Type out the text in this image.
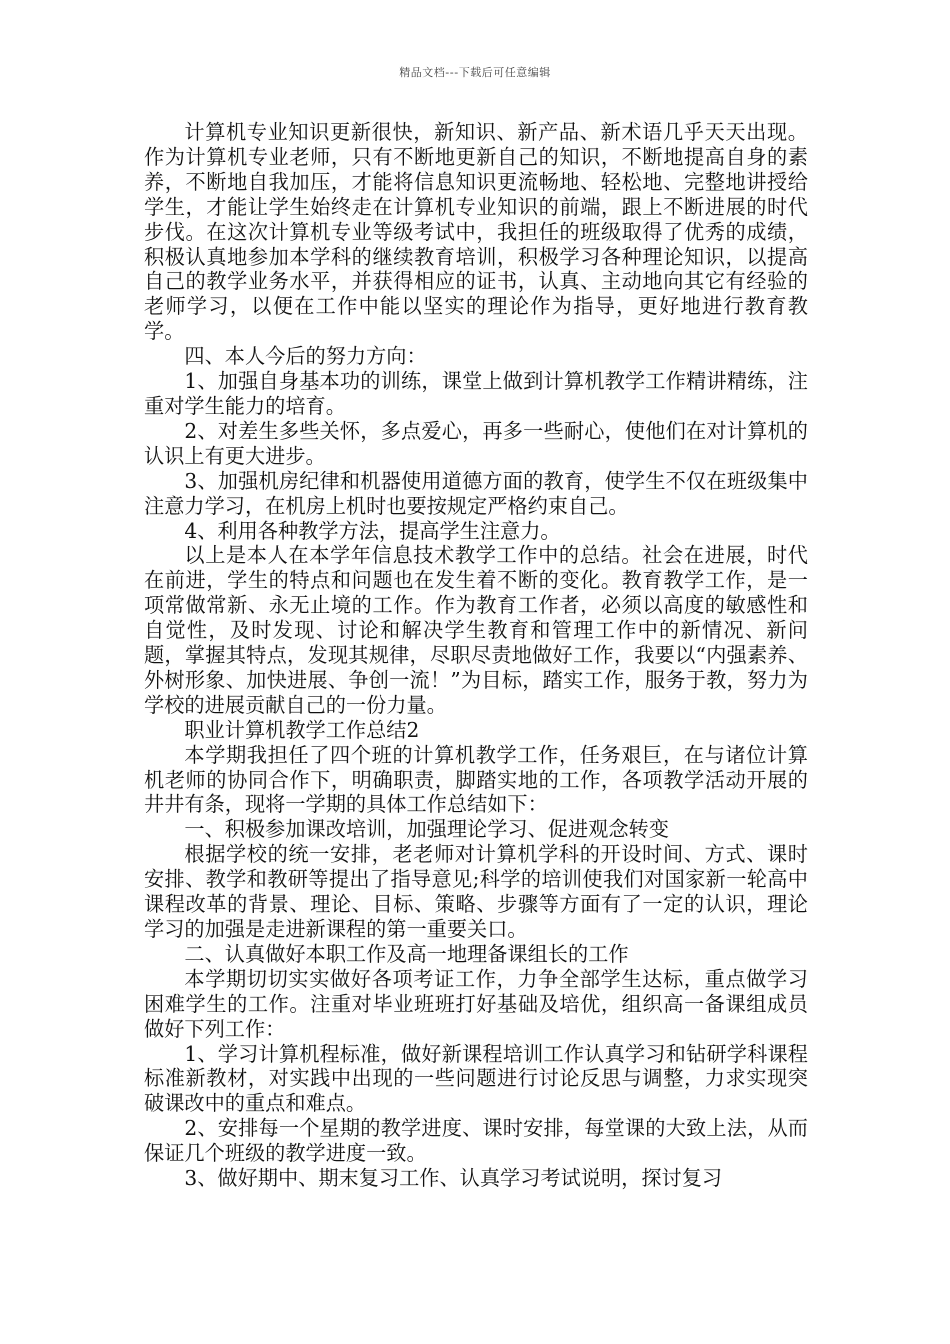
精品文档---下载后可任意编辑

计算机专业知识更新很快，新知识、新产品、新术语几乎天天出现。作为计算机专业老师，只有不断地更新自己的知识，不断地提高自身的素养，不断地自我加压，才能将信息知识更流畅地、轻松地、完整地讲授给学生，才能让学生始终走在计算机专业知识的前端，跟上不断进展的时代步伐。在这次计算机专业等级考试中，我担任的班级取得了优秀的成绩，积极认真地参加本学科的继续教育培训，积极学习各种理论知识，以提高自己的教学业务水平，并获得相应的证书，认真、主动地向其它有经验的老师学习，以便在工作中能以坚实的理论作为指导，更好地进行教育教学。

四、本人今后的努力方向：

1、加强自身基本功的训练，课堂上做到计算机教学工作精讲精练，注重对学生能力的培育。

2、对差生多些关怀，多点爱心，再多一些耐心，使他们在对计算机的认识上有更大进步。

3、加强机房纪律和机器使用道德方面的教育，使学生不仅在班级集中注意力学习，在机房上机时也要按规定严格约束自己。

4、利用各种教学方法，提高学生注意力。

以上是本人在本学年信息技术教学工作中的总结。社会在进展，时代在前进，学生的特点和问题也在发生着不断的变化。教育教学工作，是一项常做常新、永无止境的工作。作为教育工作者，必须以高度的敏感性和自觉性，及时发现、讨论和解决学生教育和管理工作中的新情况、新问题，掌握其特点，发现其规律，尽职尽责地做好工作，我要以“内强素养、外树形象、加快进展、争创一流！”为目标，踏实工作，服务于教，努力为学校的进展贡献自己的一份力量。

职业计算机教学工作总结2

本学期我担任了四个班的计算机教学工作，任务艰巨，在与诸位计算机老师的协同合作下，明确职责，脚踏实地的工作，各项教学活动开展的井井有条，现将一学期的具体工作总结如下：

一、积极参加课改培训，加强理论学习、促进观念转变

根据学校的统一安排，老老师对计算机学科的开设时间、方式、课时安排、教学和教研等提出了指导意见;科学的培训使我们对国家新一轮高中课程改革的背景、理论、目标、策略、步骤等方面有了一定的认识，理论学习的加强是走进新课程的第一重要关口。

二、认真做好本职工作及高一地理备课组长的工作

本学期切切实实做好各项考证工作，力争全部学生达标，重点做学习困难学生的工作。注重对毕业班班打好基础及培优，组织高一备课组成员做好下列工作：

1、学习计算机程标准，做好新课程培训工作认真学习和钻研学科课程标准新教材，对实践中出现的一些问题进行讨论反思与调整，力求实现突破课改中的重点和难点。

2、安排每一个星期的教学进度、课时安排，每堂课的大致上法，从而保证几个班级的教学进度一致。

3、做好期中、期末复习工作、认真学习考试说明，探讨复习
